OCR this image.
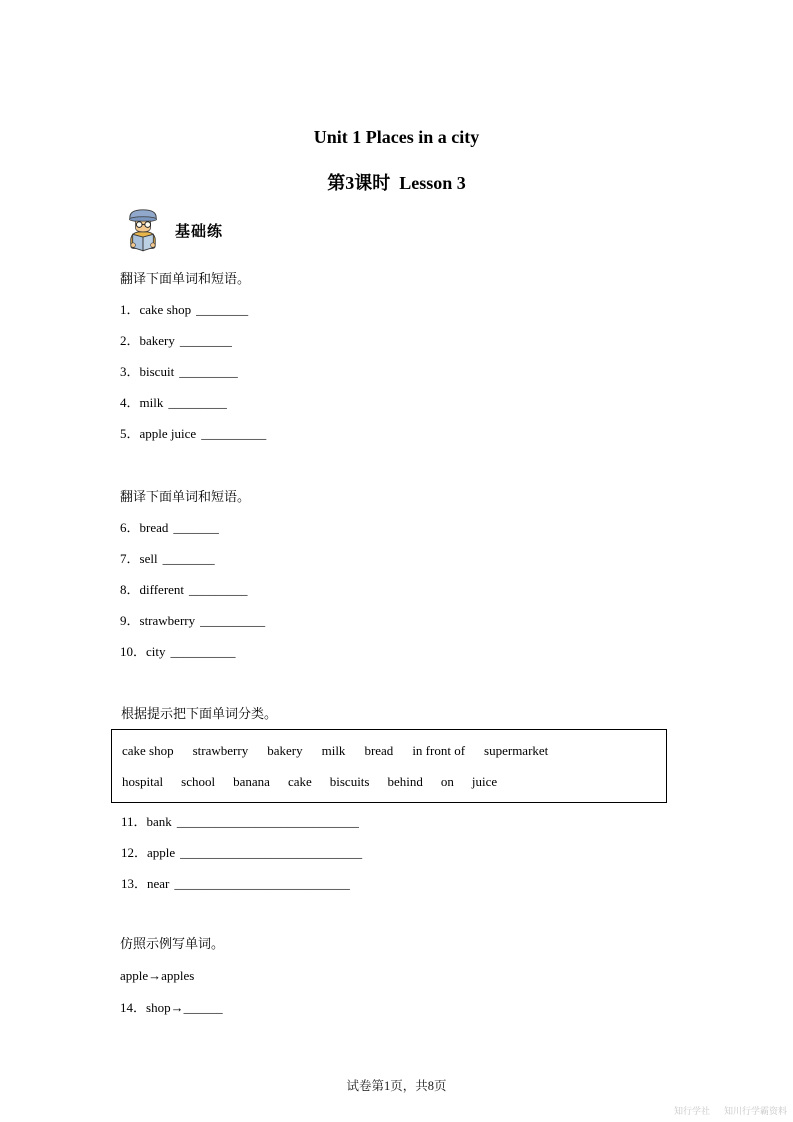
Unit 1 Places in a city
第3课时  Lesson 3
基础练
翻译下面单词和短语。
1．cake shop ________
2．bakery ________
3．biscuit _________
4．milk _________
5．apple juice __________
翻译下面单词和短语。
6．bread _______
7．sell ________
8．different _________
9．strawberry __________
10．city __________
根据提示把下面单词分类。
cake shop strawberry bakery milk bread in front of supermarket
hospital school banana cake biscuits behind on juice
11．bank ____________________________
12．apple ____________________________
13．near ___________________________
仿照示例写单词。
apple→apples
14．shop→______
试卷第1页，共8页
知行学社 知川行学霸资料
